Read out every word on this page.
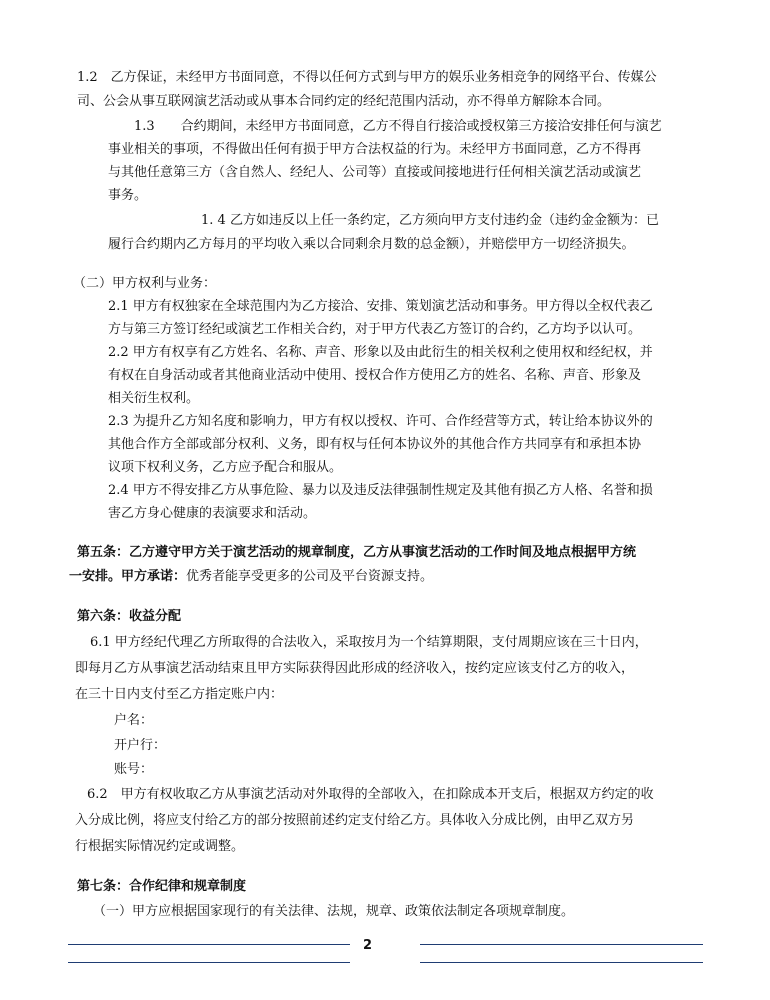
1.2　乙方保证，未经甲方书面同意，不得以任何方式到与甲方的娱乐业务相竞争的网络平台、传媒公
司、公会从事互联网演艺活动或从事本合同约定的经纪范围内活动，亦不得单方解除本合同。
1.3　　合约期间，未经甲方书面同意，乙方不得自行接洽或授权第三方接洽安排任何与演艺
事业相关的事项，不得做出任何有损于甲方合法权益的行为。未经甲方书面同意，乙方不得再
与其他任意第三方（含自然人、经纪人、公司等）直接或间接地进行任何相关演艺活动或演艺
事务。
1. 4 乙方如违反以上任一条约定，乙方须向甲方支付违约金（违约金金额为：已
履行合约期内乙方每月的平均收入乘以合同剩余月数的总金额），并赔偿甲方一切经济损失。
（二）甲方权利与业务：
2.1 甲方有权独家在全球范围内为乙方接洽、安排、策划演艺活动和事务。甲方得以全权代表乙
方与第三方签订经纪或演艺工作相关合约，对于甲方代表乙方签订的合约，乙方均予以认可。
2.2 甲方有权享有乙方姓名、名称、声音、形象以及由此衍生的相关权利之使用权和经纪权，并
有权在自身活动或者其他商业活动中使用、授权合作方使用乙方的姓名、名称、声音、形象及
相关衍生权利。
2.3 为提升乙方知名度和影响力，甲方有权以授权、许可、合作经营等方式，转让给本协议外的
其他合作方全部或部分权利、义务，即有权与任何本协议外的其他合作方共同享有和承担本协
议项下权利义务，乙方应予配合和服从。
2.4 甲方不得安排乙方从事危险、暴力以及违反法律强制性规定及其他有损乙方人格、名誉和损
害乙方身心健康的表演要求和活动。
第五条：乙方遵守甲方关于演艺活动的规章制度，乙方从事演艺活动的工作时间及地点根据甲方统
一安排。甲方承诺：优秀者能享受更多的公司及平台资源支持。
第六条：收益分配
6.1 甲方经纪代理乙方所取得的合法收入，采取按月为一个结算期限，支付周期应该在三十日内，
即每月乙方从事演艺活动结束且甲方实际获得因此形成的经济收入，按约定应该支付乙方的收入，
在三十日内支付至乙方指定账户内：
户名：
开户行：
账号：
6.2　甲方有权收取乙方从事演艺活动对外取得的全部收入，在扣除成本开支后，根据双方约定的收
入分成比例，将应支付给乙方的部分按照前述约定支付给乙方。具体收入分成比例，由甲乙双方另
行根据实际情况约定或调整。
第七条：合作纪律和规章制度
（一）甲方应根据国家现行的有关法律、法规，规章、政策依法制定各项规章制度。
2
